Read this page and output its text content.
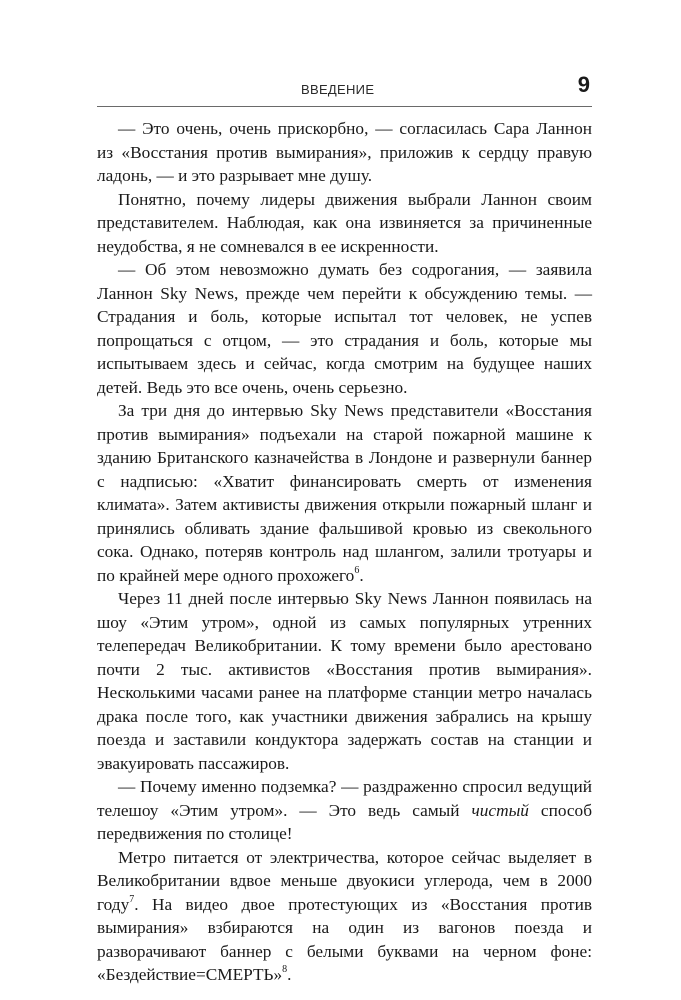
ВВЕДЕНИЕ	9

— Это очень, очень прискорбно, — согласилась Сара Ланнон из «Восстания против вымирания», приложив к сердцу правую ладонь, — и это разрывает мне душу.

Понятно, почему лидеры движения выбрали Ланнон своим представителем. Наблюдая, как она извиняется за причиненные неудобства, я не сомневался в ее искренности.

— Об этом невозможно думать без содрогания, — заявила Ланнон Sky News, прежде чем перейти к обсуждению темы. — Страдания и боль, которые испытал тот человек, не успев попрощаться с отцом, — это страдания и боль, которые мы испытываем здесь и сейчас, когда смотрим на будущее наших детей. Ведь это все очень, очень серьезно.

За три дня до интервью Sky News представители «Восстания против вымирания» подъехали на старой пожарной машине к зданию Британского казначейства в Лондоне и развернули баннер с надписью: «Хватит финансировать смерть от изменения климата». Затем активисты движения открыли пожарный шланг и принялись обливать здание фальшивой кровью из свекольного сока. Однако, потеряв контроль над шлангом, залили тротуары и по крайней мере одного прохожего$^6$.

Через 11 дней после интервью Sky News Ланнон появилась на шоу «Этим утром», одной из самых популярных утренних телепередач Великобритании. К тому времени было арестовано почти 2 тыс. активистов «Восстания против вымирания». Несколькими часами ранее на платформе станции метро началась драка после того, как участники движения забрались на крышу поезда и заставили кондуктора задержать состав на станции и эвакуировать пассажиров.

— Почему именно подземка? — раздраженно спросил ведущий телешоу «Этим утром». — Это ведь самый чистый способ передвижения по столице!

Метро питается от электричества, которое сейчас выделяет в Великобритании вдвое меньше двуокиси углерода, чем в 2000 году$^7$. На видео двое протестующих из «Восстания против вымирания» взбираются на один из вагонов поезда и разворачивают баннер с белыми буквами на черном фоне: «Бездействие=СМЕРТЬ»$^8$.
